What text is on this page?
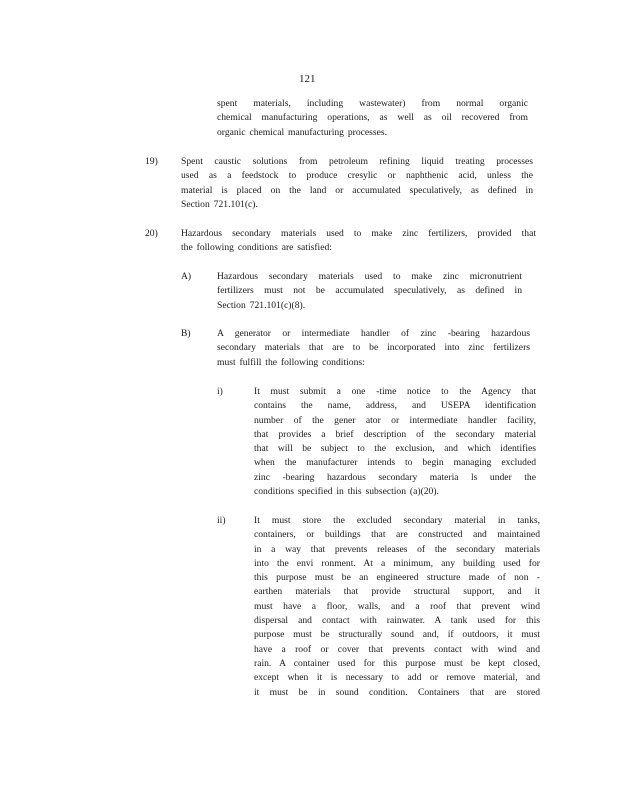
121
spent materials, including wastewater) from normal organic
chemical manufacturing operations, as well as oil recovered from
organic chemical manufacturing processes.
19) Spent caustic solutions from petroleum refining liquid treating processes
used as a feedstock to produce cresylic or naphthenic acid, unless the
material is placed on the land or accumulated speculatively, as defined in
Section 721.101(c).
20) Hazardous secondary materials used to make zinc fertilizers, provided that
the following conditions are satisfied:
A)	Hazardous secondary materials used to make zinc micronutrient
fertilizers must not be accumulated speculatively, as defined in
Section 721.101(c)(8).
B)	A generator or intermediate handler of zinc -bearing hazardous
secondary materials that are to be incorporated into zinc fertilizers
must fulfill the following conditions:
i)	It must submit a one -time notice to the Agency that
contains the name, address, and USEPA identification
number of the gener ator or intermediate handler facility,
that provides a brief description of the secondary material
that will be subject to the exclusion, and which identifies
when the manufacturer intends to begin managing excluded
zinc -bearing hazardous secondary materia ls under the
conditions specified in this subsection (a)(20).
ii)	It must store the excluded secondary material in tanks,
containers, or buildings that are constructed and maintained
in a way that prevents releases of the secondary materials
into the envi ronment. At a minimum, any building used for
this purpose must be an engineered structure made of non -
earthen materials that provide structural support, and it
must have a floor, walls, and a roof that prevent wind
dispersal and contact with rainwater. A tank used for this
purpose must be structurally sound and, if outdoors, it must
have a roof or cover that prevents contact with wind and
rain. A container used for this purpose must be kept closed,
except when it is necessary to add or remove material, and
it must be in sound condition. Containers that are stored
